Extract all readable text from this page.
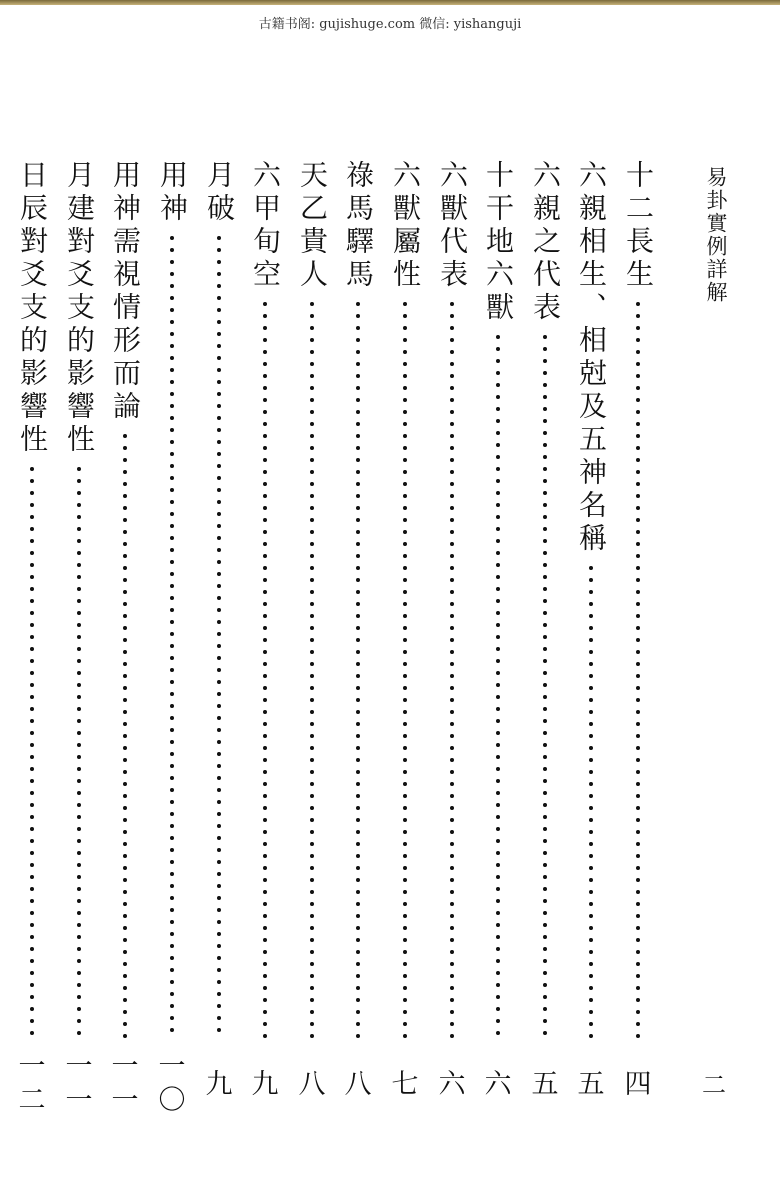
古籍书阁: gujishuge.com 微信: yishanguji
易卦實例詳解
二
十二長生
四
六親相生、相尅及五神名稱
五
六親之代表
五
十干地六獸
六
六獸代表
六
六獸屬性
七
祿馬驛馬
八
天乙貴人
八
六甲旬空
九
月破
九
用神
一
〇
用神需視情形而論
一
一
月建對爻支的影響性
一
一
日辰對爻支的影響性
一
二
